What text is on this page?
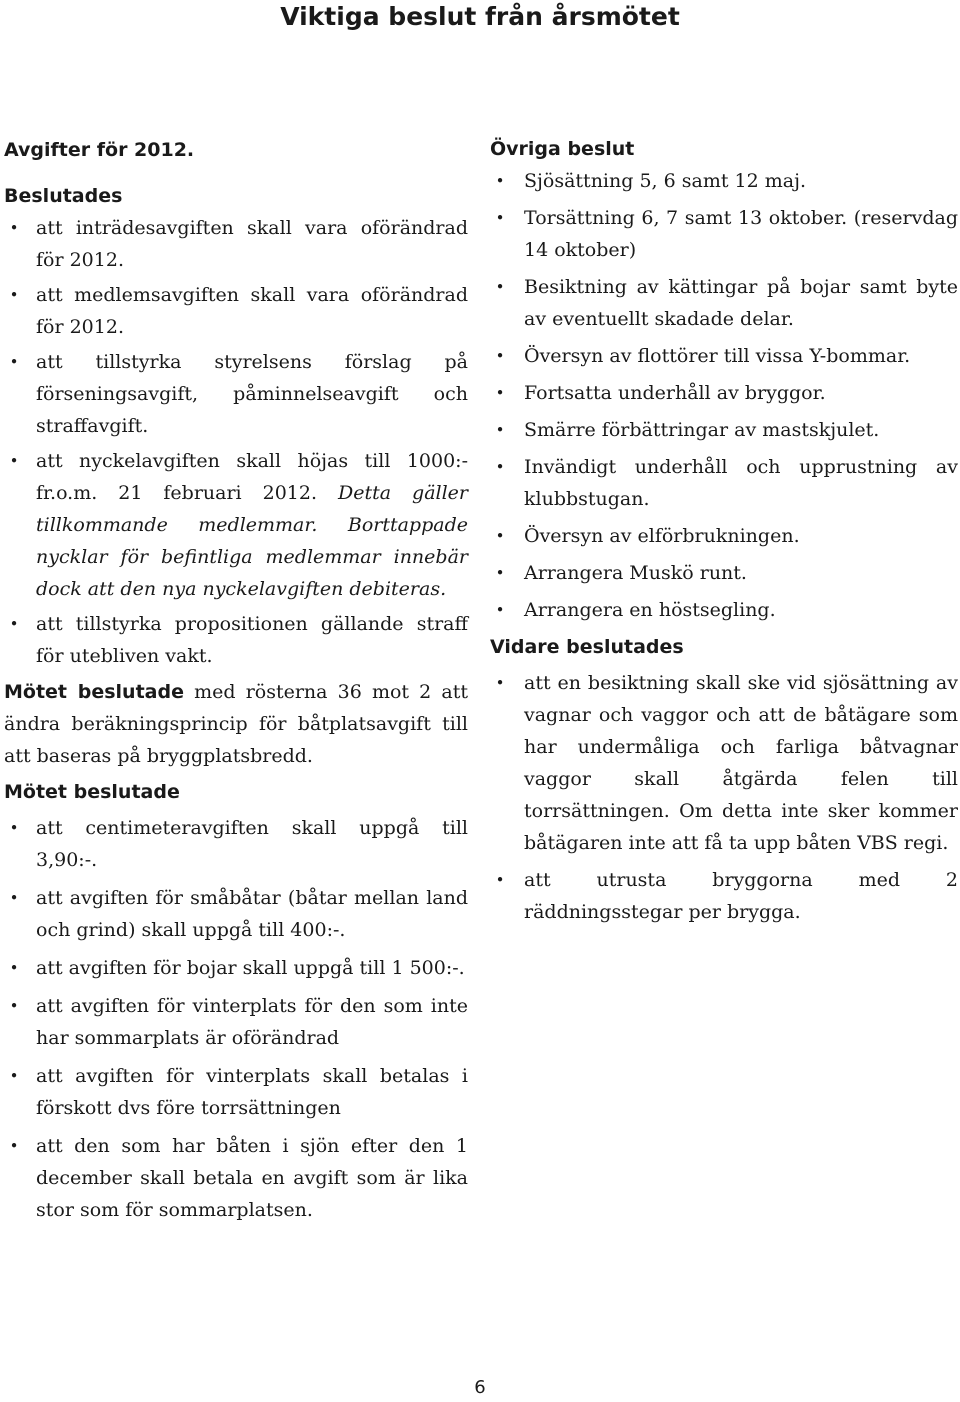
Viktiga beslut från årsmötet
Avgifter för 2012.
Beslutades
• att inträdesavgiften skall vara oförändrad för 2012.
• att medlemsavgiften skall vara oförändrad för 2012.
• att tillstyrka styrelsens förslag på förseningsavgift, påminnelseavgift och straffavgift.
• att nyckelavgiften skall höjas till 1000:- fr.o.m. 21 februari 2012. Detta gäller tillkommande medlemmar. Borttappade nycklar för befintliga medlemmar innebär dock att den nya nyckelavgiften debiteras.
• att tillstyrka propositionen gällande straff för utebliven vakt.

Mötet beslutade med rösterna 36 mot 2 att ändra beräkningsprincip för båtplatsavgift till att baseras på bryggplatsbredd.

Mötet beslutade
• att centimeteravgiften skall uppgå till 3,90:-.
• att avgiften för småbåtar (båtar mellan land och grind) skall uppgå till 400:-.
• att avgiften för bojar skall uppgå till 1 500:-.
• att avgiften för vinterplats för den som inte har sommarplats är oförändrad
• att avgiften för vinterplats skall betalas i förskott dvs före torrsättningen
• att den som har båten i sjön efter den 1 december skall betala en avgift som är lika stor som för sommarplatsen.
Övriga beslut
• Sjösättning 5, 6 samt 12 maj.
• Torsättning 6, 7 samt 13 oktober. (reservdag 14 oktober)
• Besiktning av kättingar på bojar samt byte av eventuellt skadade delar.
• Översyn av flottörer till vissa Y-bommar.
• Fortsatta underhåll av bryggor.
• Smärre förbättringar av mastskjulet.
• Invändigt underhåll och upprustning av klubbstugan.
• Översyn av elförbrukningen.
• Arrangera Muskö runt.
• Arrangera en höstsegling.
Vidare beslutades
• att en besiktning skall ske vid sjösättning av vagnar och vaggor och att de båtägare som har undermåliga och farliga båtvagnar vaggor skall åtgärda felen till torrsättningen. Om detta inte sker kommer båtägaren inte att få ta upp båten VBS regi.
• att utrusta bryggorna med 2 räddningsstegar per brygga.
6
